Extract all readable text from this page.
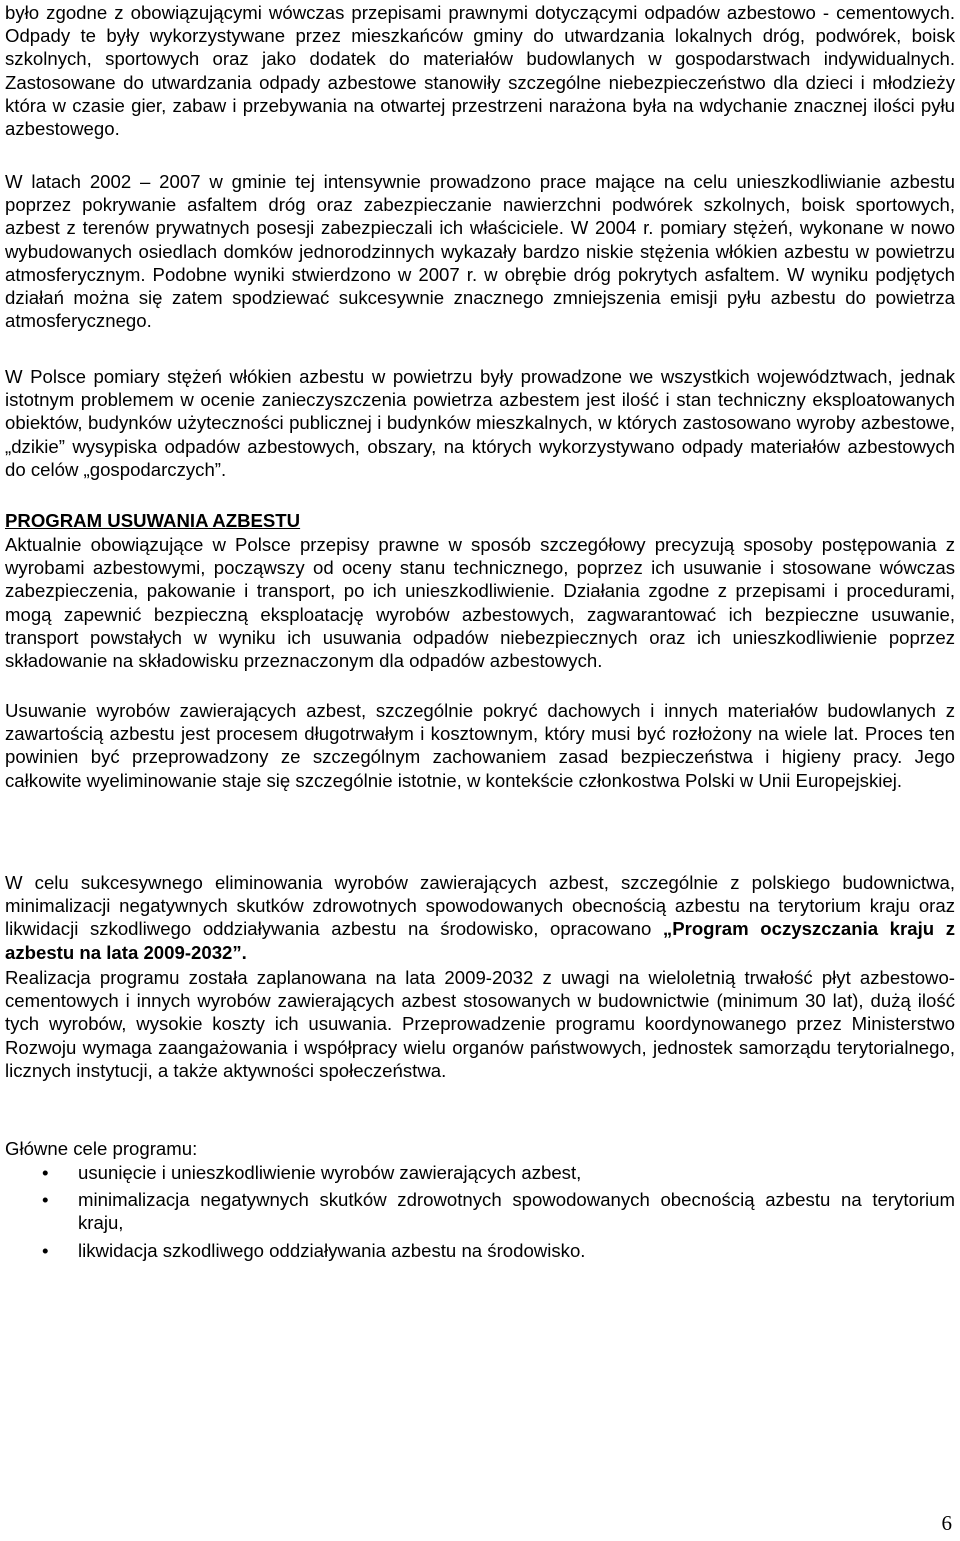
było zgodne z obowiązującymi wówczas przepisami prawnymi dotyczącymi odpadów azbestowo - cementowych. Odpady te były wykorzystywane przez mieszkańców gminy do utwardzania lokalnych dróg, podwórek, boisk szkolnych, sportowych oraz jako dodatek do materiałów budowlanych w gospodarstwach indywidualnych. Zastosowane do utwardzania odpady azbestowe stanowiły szczególne niebezpieczeństwo dla dzieci i młodzieży która w czasie gier, zabaw i przebywania na otwartej przestrzeni narażona była na wdychanie znacznej ilości pyłu azbestowego.

W latach 2002 – 2007 w gminie tej intensywnie prowadzono prace mające na celu unieszkodliwianie azbestu poprzez pokrywanie asfaltem dróg oraz zabezpieczanie nawierzchni podwórek szkolnych, boisk sportowych, azbest z terenów prywatnych posesji zabezpieczali ich właściciele. W 2004 r. pomiary stężeń, wykonane w nowo wybudowanych osiedlach domków jednorodzinnych wykazały bardzo niskie stężenia włókien azbestu w powietrzu atmosferycznym. Podobne wyniki stwierdzono w 2007 r. w obrębie dróg pokrytych asfaltem. W wyniku podjętych działań można się zatem spodziewać sukcesywnie znacznego zmniejszenia emisji pyłu azbestu do powietrza atmosferycznego.

W Polsce pomiary stężeń włókien azbestu w powietrzu były prowadzone we wszystkich województwach, jednak istotnym problemem w ocenie zanieczyszczenia powietrza azbestem jest ilość i stan techniczny eksploatowanych obiektów, budynków użyteczności publicznej i budynków mieszkalnych, w których zastosowano wyroby azbestowe, „dzikie” wysypiska odpadów azbestowych, obszary, na których wykorzystywano odpady materiałów azbestowych do celów „gospodarczych”.

PROGRAM USUWANIA AZBESTU

Aktualnie obowiązujące w Polsce przepisy prawne w sposób szczegółowy precyzują sposoby postępowania z wyrobami azbestowymi, począwszy od oceny stanu technicznego, poprzez ich usuwanie i stosowane wówczas zabezpieczenia, pakowanie i transport, po ich unieszkodliwienie. Działania zgodne z przepisami i procedurami, mogą zapewnić bezpieczną eksploatację wyrobów azbestowych, zagwarantować ich bezpieczne usuwanie, transport powstałych w wyniku ich usuwania odpadów niebezpiecznych oraz ich unieszkodliwienie poprzez składowanie na składowisku przeznaczonym dla odpadów azbestowych.

Usuwanie wyrobów zawierających azbest, szczególnie pokryć dachowych i innych materiałów budowlanych z zawartością azbestu jest procesem długotrwałym i kosztownym, który musi być rozłożony na wiele lat. Proces ten powinien być przeprowadzony ze szczególnym zachowaniem zasad bezpieczeństwa i higieny pracy. Jego całkowite wyeliminowanie staje się szczególnie istotnie, w kontekście członkostwa Polski w Unii Europejskiej.

W celu sukcesywnego eliminowania wyrobów zawierających azbest, szczególnie z polskiego budownictwa, minimalizacji negatywnych skutków zdrowotnych spowodowanych obecnością azbestu na terytorium kraju oraz likwidacji szkodliwego oddziaływania azbestu na środowisko, opracowano „Program oczyszczania kraju z azbestu na lata 2009-2032”.

Realizacja programu została zaplanowana na lata 2009-2032 z uwagi na wieloletnią trwałość płyt azbestowo-cementowych i innych wyrobów zawierających azbest stosowanych w budownictwie (minimum 30 lat), dużą ilość tych wyrobów, wysokie koszty ich usuwania. Przeprowadzenie programu koordynowanego przez Ministerstwo Rozwoju wymaga zaangażowania i współpracy wielu organów państwowych, jednostek samorządu terytorialnego, licznych instytucji, a także aktywności społeczeństwa.

Główne cele programu:

• usunięcie i unieszkodliwienie wyrobów zawierających azbest,
• minimalizacja negatywnych skutków zdrowotnych spowodowanych obecnością azbestu na terytorium kraju,
• likwidacja szkodliwego oddziaływania azbestu na środowisko.
6
